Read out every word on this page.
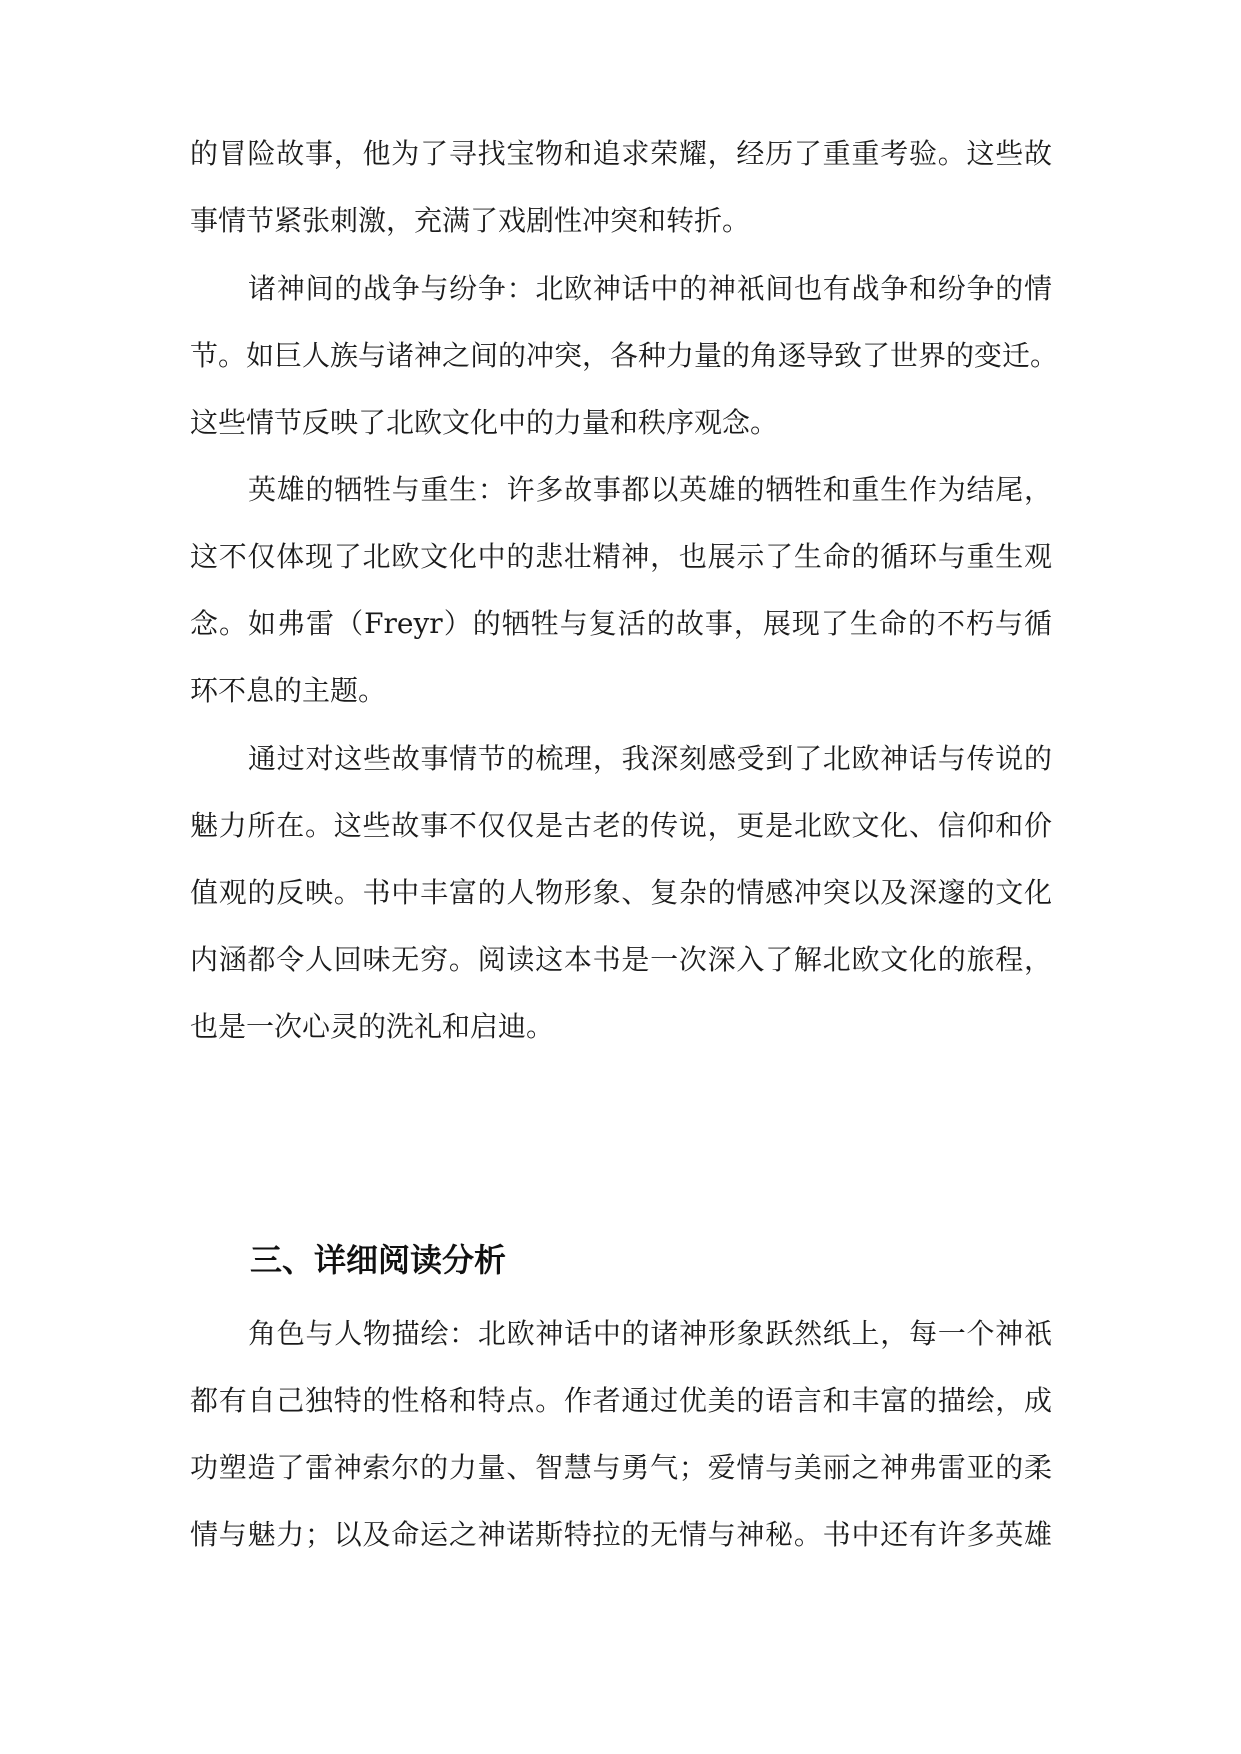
的冒险故事，他为了寻找宝物和追求荣耀，经历了重重考验。这些故
事情节紧张刺激，充满了戏剧性冲突和转折。
诸神间的战争与纷争：北欧神话中的神祇间也有战争和纷争的情
节。如巨人族与诸神之间的冲突，各种力量的角逐导致了世界的变迁。
这些情节反映了北欧文化中的力量和秩序观念。
英雄的牺牲与重生：许多故事都以英雄的牺牲和重生作为结尾，
这不仅体现了北欧文化中的悲壮精神，也展示了生命的循环与重生观
念。如弗雷（Freyr）的牺牲与复活的故事，展现了生命的不朽与循
环不息的主题。
通过对这些故事情节的梳理，我深刻感受到了北欧神话与传说的
魅力所在。这些故事不仅仅是古老的传说，更是北欧文化、信仰和价
值观的反映。书中丰富的人物形象、复杂的情感冲突以及深邃的文化
内涵都令人回味无穷。阅读这本书是一次深入了解北欧文化的旅程，
也是一次心灵的洗礼和启迪。
三、详细阅读分析
角色与人物描绘：北欧神话中的诸神形象跃然纸上，每一个神祇
都有自己独特的性格和特点。作者通过优美的语言和丰富的描绘，成
功塑造了雷神索尔的力量、智慧与勇气；爱情与美丽之神弗雷亚的柔
情与魅力；以及命运之神诺斯特拉的无情与神秘。书中还有许多英雄
